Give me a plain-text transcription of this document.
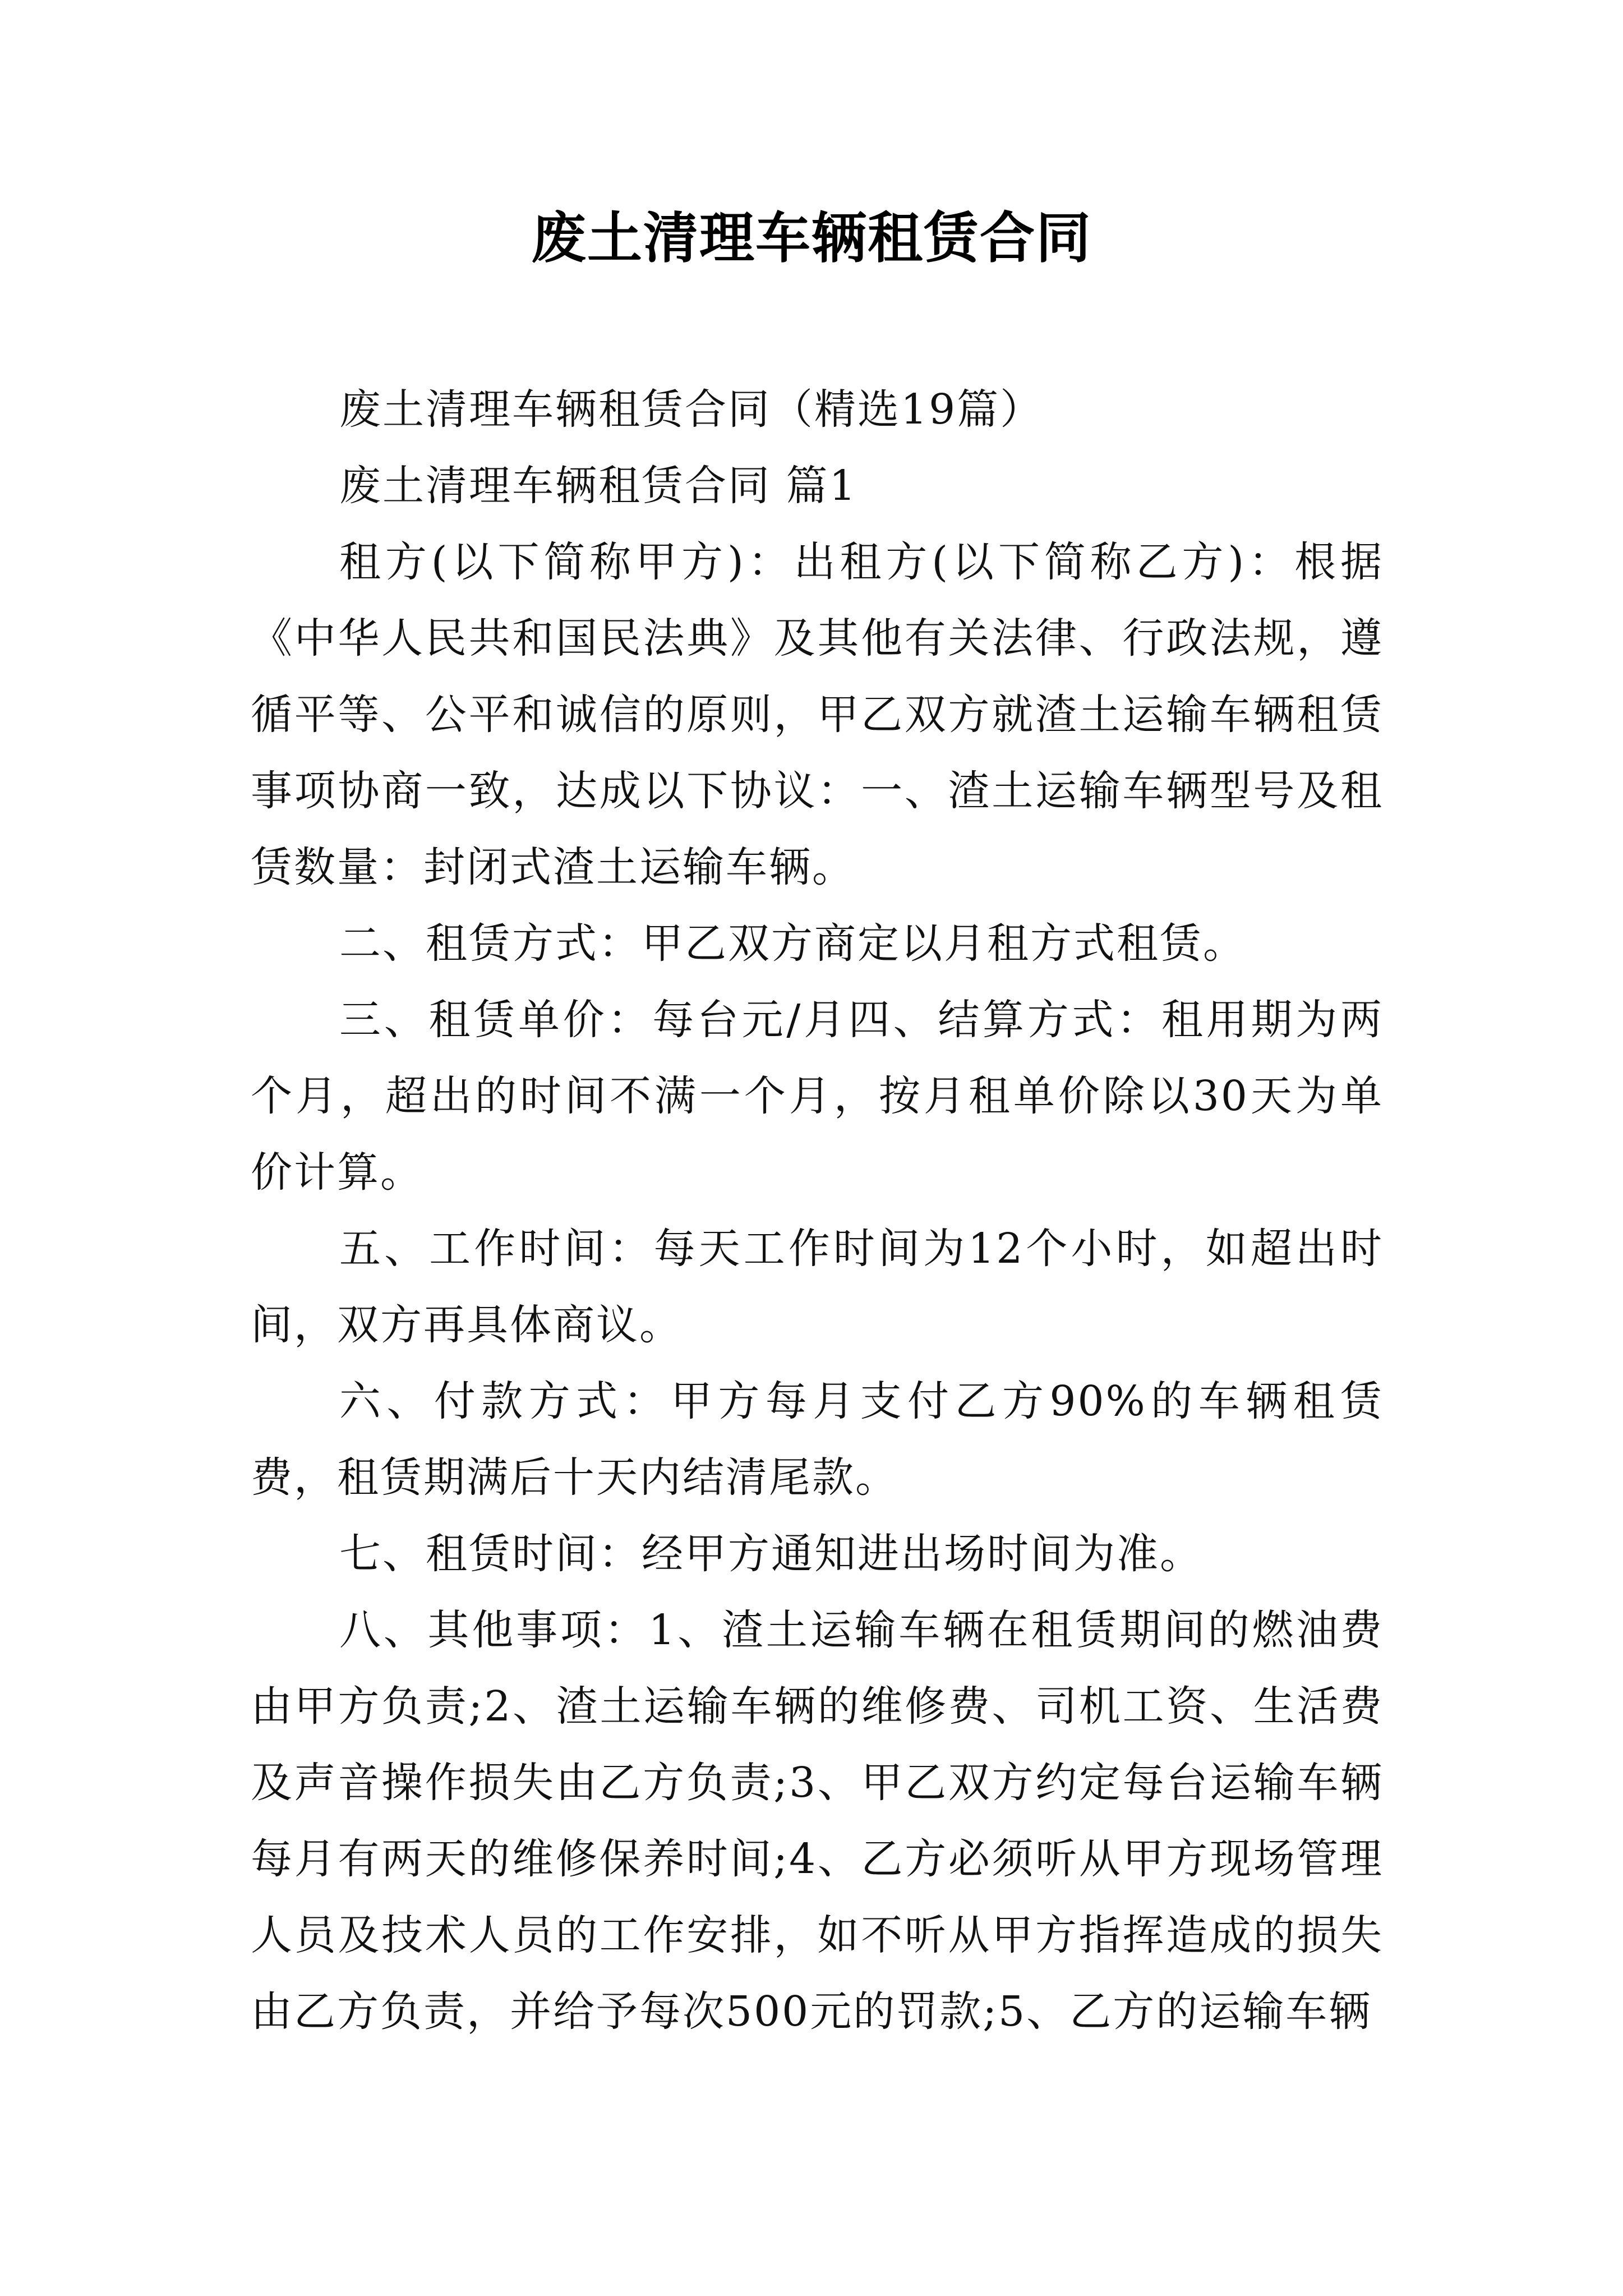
废土清理车辆租赁合同

废土清理车辆租赁合同（精选19篇）

废土清理车辆租赁合同 篇1

租方(以下简称甲方)：出租方(以下简称乙方)：根据《中华人民共和国民法典》及其他有关法律、行政法规，遵循平等、公平和诚信的原则，甲乙双方就渣土运输车辆租赁事项协商一致，达成以下协议：一、渣土运输车辆型号及租赁数量：封闭式渣土运输车辆。

二、租赁方式：甲乙双方商定以月租方式租赁。

三、租赁单价：每台元/月四、结算方式：租用期为两个月，超出的时间不满一个月，按月租单价除以30天为单价计算。

五、工作时间：每天工作时间为12个小时，如超出时间，双方再具体商议。

六、付款方式：甲方每月支付乙方90%的车辆租赁费，租赁期满后十天内结清尾款。

七、租赁时间：经甲方通知进出场时间为准。

八、其他事项：1、渣土运输车辆在租赁期间的燃油费由甲方负责;2、渣土运输车辆的维修费、司机工资、生活费及声音操作损失由乙方负责;3、甲乙双方约定每台运输车辆每月有两天的维修保养时间;4、乙方必须听从甲方现场管理人员及技术人员的工作安排，如不听从甲方指挥造成的损失由乙方负责，并给予每次500元的罚款;5、乙方的运输车辆
